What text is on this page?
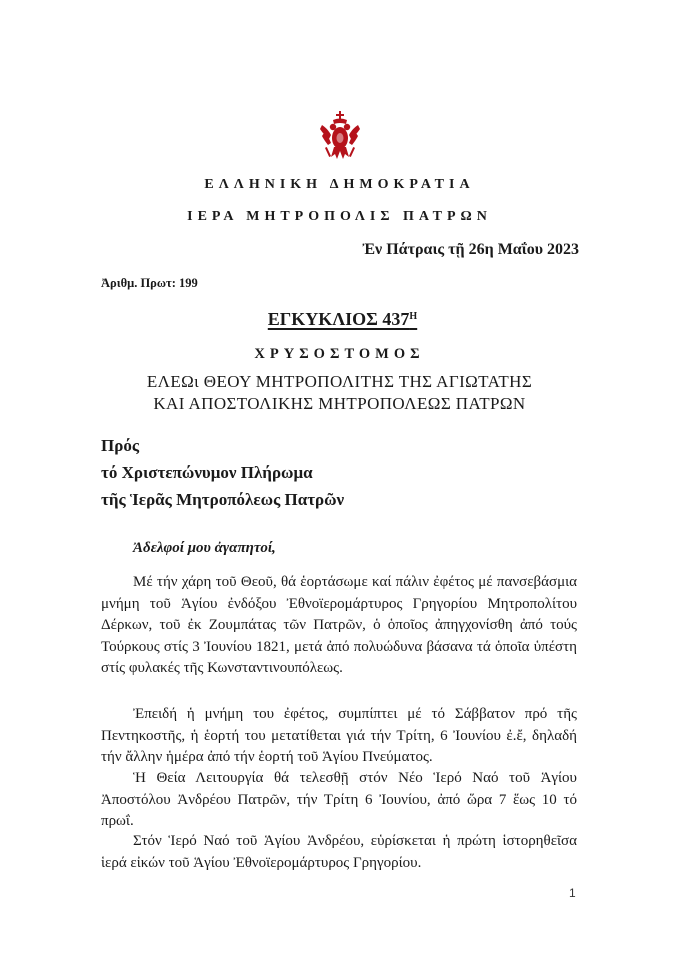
ΕΛΛΗΝΙΚΗ ΔΗΜΟΚΡΑΤΙΑ
ΙΕΡΑ ΜΗΤΡΟΠΟΛΙΣ ΠΑΤΡΩΝ
Ἐν Πάτραις τῇ 26η Μαΐου 2023
Ἀριθμ. Πρωτ: 199
ΕΓΚΥΚΛΙΟΣ $437^H$
ΧΡΥΣΟΣΤΟΜΟΣ
ΕΛΕΩι ΘΕΟΥ ΜΗΤΡΟΠΟΛΙΤΗΣ ΤΗΣ ΑΓΙΩΤΑΤΗΣ
ΚΑΙ ΑΠΟΣΤΟΛΙΚΗΣ ΜΗΤΡΟΠΟΛΕΩΣ ΠΑΤΡΩΝ
Πρός
τό Χριστεπώνυμον Πλήρωμα
τῆς Ἱερᾶς Μητροπόλεως Πατρῶν
Ἀδελφοί μου ἀγαπητοί,

Μέ τήν χάρη τοῦ Θεοῦ, θά ἑορτάσωμε καί πάλιν ἐφέτος μέ πανσεβάσμια μνήμη τοῦ Ἁγίου ἐνδόξου Ἐθνοϊερομάρτυρος Γρηγορίου Μητροπολίτου Δέρκων, τοῦ ἐκ Ζουμπάτας τῶν Πατρῶν, ὁ ὁποῖος ἀπηγχονίσθη ἀπό τούς Τούρκους στίς 3 Ἰουνίου 1821, μετά ἀπό πολυώδυνα βάσανα τά ὁποῖα ὑπέστη στίς φυλακές τῆς Κωνσταντινουπόλεως.

Ἐπειδή ἡ μνήμη του ἐφέτος, συμπίπτει μέ τό Σάββατον πρό τῆς Πεντηκοστῆς, ἡ ἑορτή του μετατίθεται γιά τήν Τρίτη, 6 Ἰουνίου ἐ.ἔ, δηλαδή τήν ἄλλην ἡμέρα ἀπό τήν ἑορτή τοῦ Ἁγίου Πνεύματος.

Ἡ Θεία Λειτουργία θά τελεσθῇ στόν Νέο Ἱερό Ναό τοῦ Ἁγίου Ἀποστόλου Ἀνδρέου Πατρῶν, τήν Τρίτη 6 Ἰουνίου, ἀπό ὥρα 7 ἕως 10 τό πρωΐ.

Στόν Ἱερό Ναό τοῦ Ἁγίου Ἀνδρέου, εὑρίσκεται ἡ πρώτη ἱστορηθεῖσα ἱερά εἰκών τοῦ Ἁγίου Ἐθνοϊερομάρτυρος Γρηγορίου.

1
